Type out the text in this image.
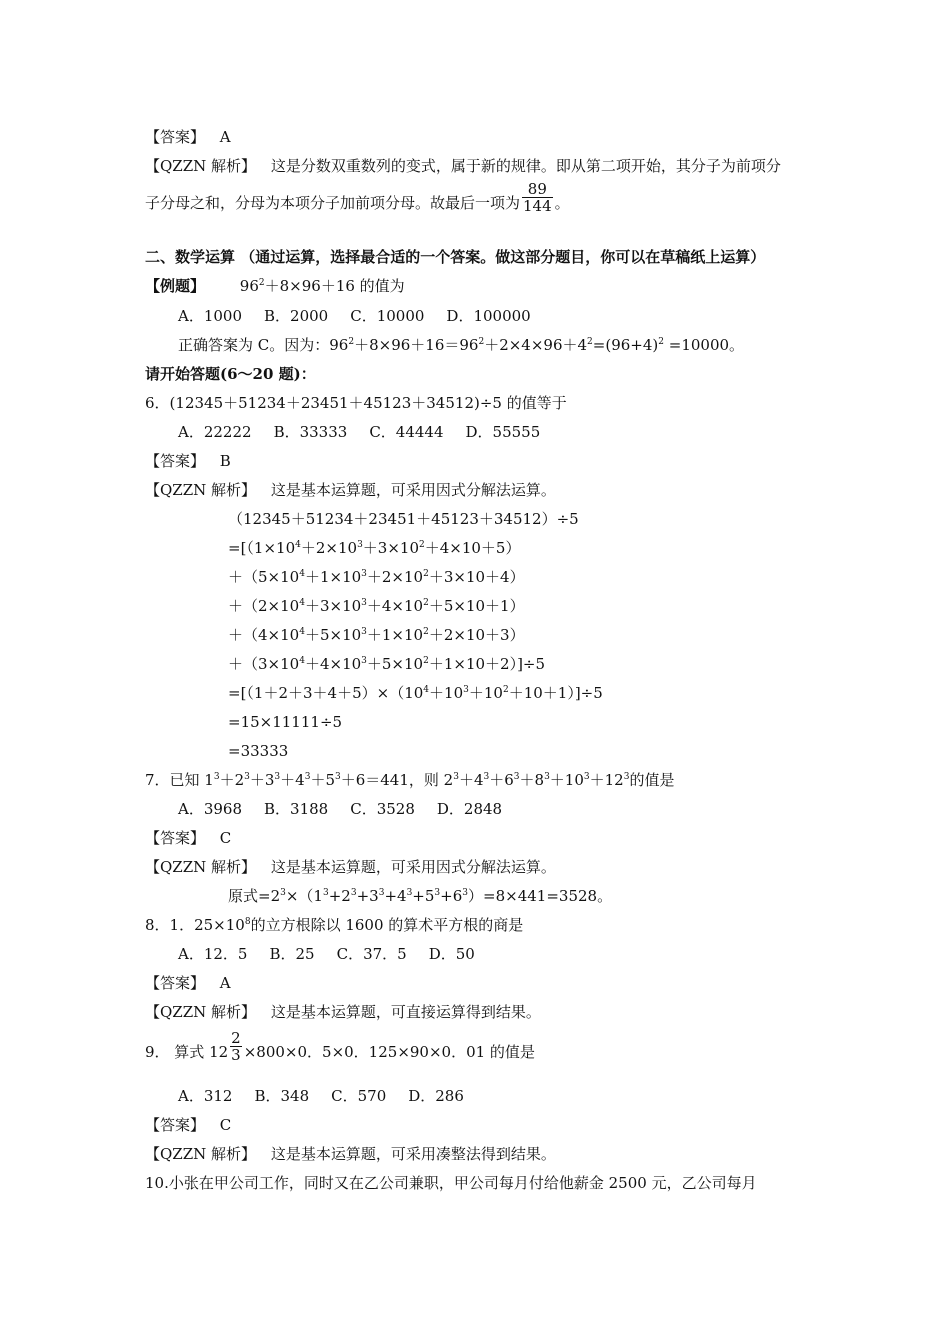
【答案】 A
【QZZN 解析】 这是分数双重数列的变式，属于新的规律。即从第二项开始，其分子为前项分
子分母之和，分母为本项分子加前项分母。故最后一项为 $\frac{89}{144}$ 。
二、数学运算 （通过运算，选择最合适的一个答案。做这部分题目，你可以在草稿纸上运算）
【例题】 $96^2+8\times 96+16$ 的值为
A．1000 B．2000 C．10000 D．100000
正确答案为 C。因为：$96^2+8\times 96+16=96^2+2\times 4\times 96+4^2=(96+4)^2 =10000$。
请开始答题(6～20 题)：
6．(12345＋51234＋23451＋45123＋34512)÷5 的值等于
A．22222 B．33333 C．44444 D．55555
【答案】 B
【QZZN 解析】 这是基本运算题，可采用因式分解法运算。
（12345＋51234＋23451＋45123＋34512）÷5
$=[(1+2+3+4+5)\times(10^4+10^3+10^2+10+1)]\div 5$
=15×11111÷5
=33333
7．已知 $1^3+2^3+3^3+4^3+5^3+6=441$，则 $2^3+4^3+6^3+8^3+10^3+12^3$的值是
A．3968 B．3188 C．3528 D．2848
【答案】 C
【QZZN 解析】 这是基本运算题，可采用因式分解法运算。
原式$=2^3\times(1^3+2^3+3^3+4^3+5^3+6^3)=8\times 441=3528$。
8．1．$25\times 10^8$的立方根除以 1600 的算术平方根的商是
A．12．5 B．25 C．37．5 D．50
【答案】 A
【QZZN 解析】 这是基本运算题，可直接运算得到结果。
9． 算式 $12 \frac{2}{3} \times 800\times 0$．5×0．125×90×0．01 的值是
A．312 B．348 C．570 D．286
【答案】 C
【QZZN 解析】 这是基本运算题，可采用凑整法得到结果。
10.小张在甲公司工作，同时又在乙公司兼职，甲公司每月付给他薪金 2500 元，乙公司每月
$=[(1\times 10^4+2\times 10^3+3\times 10^2+4\times 10+5)$
$+(5\times 10^4+1\times 10^3+2\times 10^2+3\times 10+4)$
$+(2\times 10^4+3\times 10^3+4\times 10^2+5\times 10+1)$
$+(4\times 10^4+5\times 10^3+1\times 10^2+2\times 10+3)$
$+(3\times 10^4+4\times 10^3+5\times 10^2+1\times 10+2)]\div 5$
